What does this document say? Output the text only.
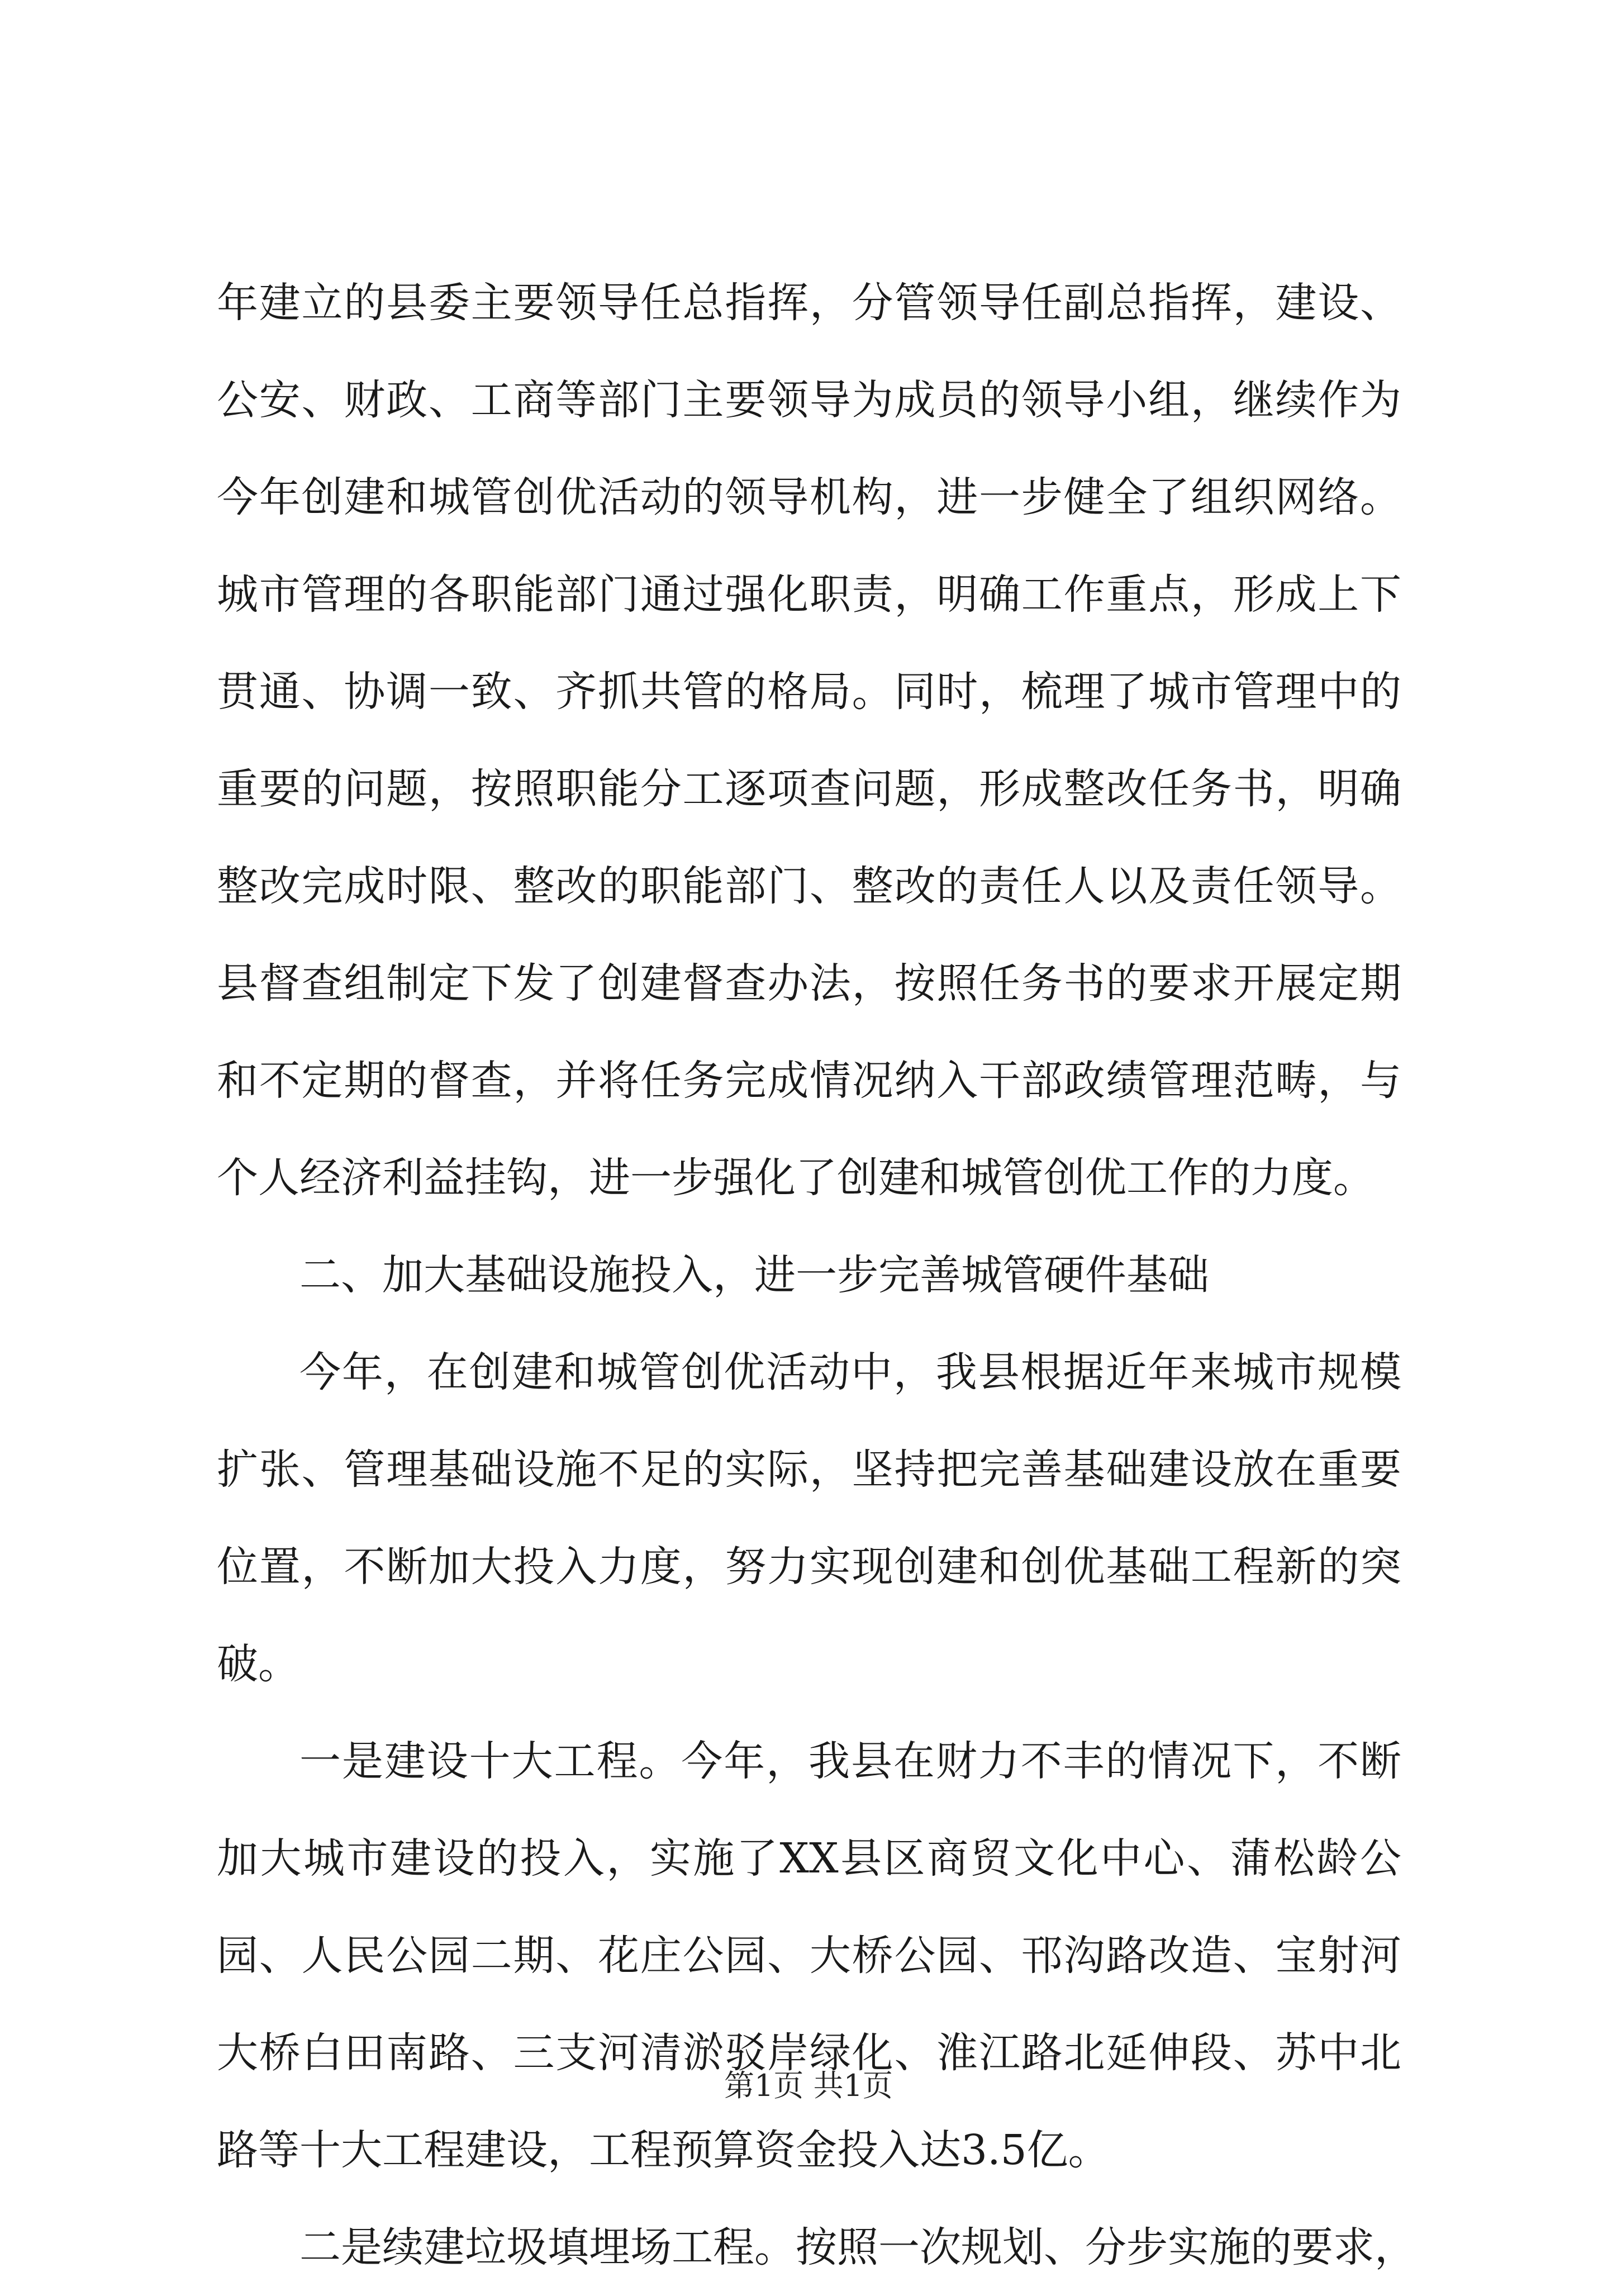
年建立的县委主要领导任总指挥，分管领导任副总指挥，建设、
公安、财政、工商等部门主要领导为成员的领导小组，继续作为
今年创建和城管创优活动的领导机构，进一步健全了组织网络。
城市管理的各职能部门通过强化职责，明确工作重点，形成上下
贯通、协调一致、齐抓共管的格局。同时，梳理了城市管理中的
重要的问题，按照职能分工逐项查问题，形成整改任务书，明确
整改完成时限、整改的职能部门、整改的责任人以及责任领导。
县督查组制定下发了创建督查办法，按照任务书的要求开展定期
和不定期的督查，并将任务完成情况纳入干部政绩管理范畴，与
个人经济利益挂钩，进一步强化了创建和城管创优工作的力度。
二、加大基础设施投入，进一步完善城管硬件基础
今年，在创建和城管创优活动中，我县根据近年来城市规模
扩张、管理基础设施不足的实际，坚持把完善基础建设放在重要
位置，不断加大投入力度，努力实现创建和创优基础工程新的突
破。
一是建设十大工程。今年，我县在财力不丰的情况下，不断
加大城市建设的投入，实施了XX县区商贸文化中心、蒲松龄公
园、人民公园二期、花庄公园、大桥公园、邗沟路改造、宝射河
大桥白田南路、三支河清淤驳岸绿化、淮江路北延伸段、苏中北
路等十大工程建设，工程预算资金投入达3.5亿。
二是续建垃圾填埋场工程。按照一次规划、分步实施的要求，
第1页 共1页
